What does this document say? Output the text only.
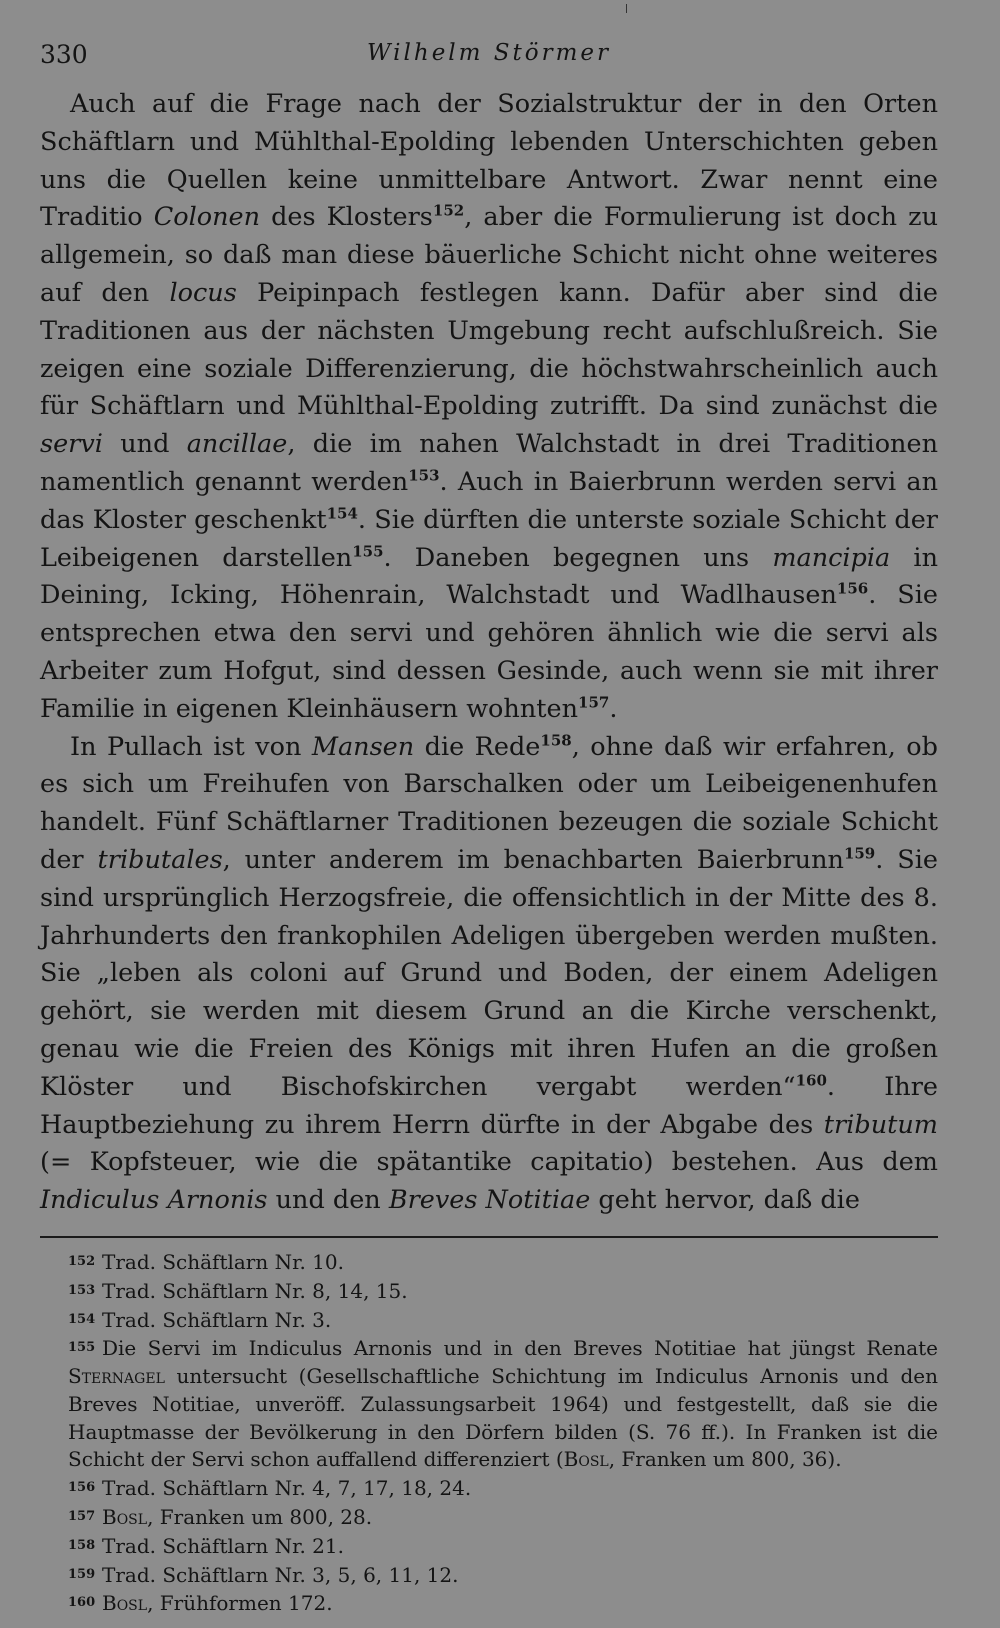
330	Wilhelm Störmer

Auch auf die Frage nach der Sozialstruktur der in den Orten Schäftlarn und Mühlthal-Epolding lebenden Unterschichten geben uns die Quellen keine unmittelbare Antwort. Zwar nennt eine Traditio Colonen des Klosters$^{152}$, aber die Formulierung ist doch zu allgemein, so daß man diese bäuerliche Schicht nicht ohne weiteres auf den locus Peipinpach festlegen kann. Dafür aber sind die Traditionen aus der nächsten Umgebung recht aufschlußreich. Sie zeigen eine soziale Differenzierung, die höchstwahrscheinlich auch für Schäftlarn und Mühlthal-Epolding zutrifft. Da sind zunächst die servi und ancillae, die im nahen Walchstadt in drei Traditionen namentlich genannt werden$^{153}$. Auch in Baierbrunn werden servi an das Kloster geschenkt$^{154}$. Sie dürften die unterste soziale Schicht der Leibeigenen darstellen$^{155}$. Daneben begegnen uns mancipia in Deining, Icking, Höhenrain, Walchstadt und Wadlhausen$^{156}$. Sie entsprechen etwa den servi und gehören ähnlich wie die servi als Arbeiter zum Hofgut, sind dessen Gesinde, auch wenn sie mit ihrer Familie in eigenen Kleinhäusern wohnten$^{157}$.

In Pullach ist von Mansen die Rede$^{158}$, ohne daß wir erfahren, ob es sich um Freihufen von Barschalken oder um Leibeigenenhufen handelt. Fünf Schäftlarner Traditionen bezeugen die soziale Schicht der tributales, unter anderem im benachbarten Baierbrunn$^{159}$. Sie sind ursprünglich Herzogsfreie, die offensichtlich in der Mitte des 8. Jahrhunderts den frankophilen Adeligen übergeben werden mußten. Sie „leben als coloni auf Grund und Boden, der einem Adeligen gehört, sie werden mit diesem Grund an die Kirche verschenkt, genau wie die Freien des Königs mit ihren Hufen an die großen Klöster und Bischofskirchen vergabt werden“$^{160}$. Ihre Hauptbeziehung zu ihrem Herrn dürfte in der Abgabe des tributum (= Kopfsteuer, wie die spätantike capitatio) bestehen. Aus dem Indiculus Arnonis und den Breves Notitiae geht hervor, daß die

152 Trad. Schäftlarn Nr. 10.
153 Trad. Schäftlarn Nr. 8, 14, 15.
154 Trad. Schäftlarn Nr. 3.
155 Die Servi im Indiculus Arnonis und in den Breves Notitiae hat jüngst Renate Sternagel untersucht (Gesellschaftliche Schichtung im Indiculus Arnonis und den Breves Notitiae, unveröff. Zulassungsarbeit 1964) und festgestellt, daß sie die Hauptmasse der Bevölkerung in den Dörfern bilden (S. 76 ff.). In Franken ist die Schicht der Servi schon auffallend differenziert (Bosl, Franken um 800, 36).
156 Trad. Schäftlarn Nr. 4, 7, 17, 18, 24.
157 Bosl, Franken um 800, 28.
158 Trad. Schäftlarn Nr. 21.
159 Trad. Schäftlarn Nr. 3, 5, 6, 11, 12.
160 Bosl, Frühformen 172.
